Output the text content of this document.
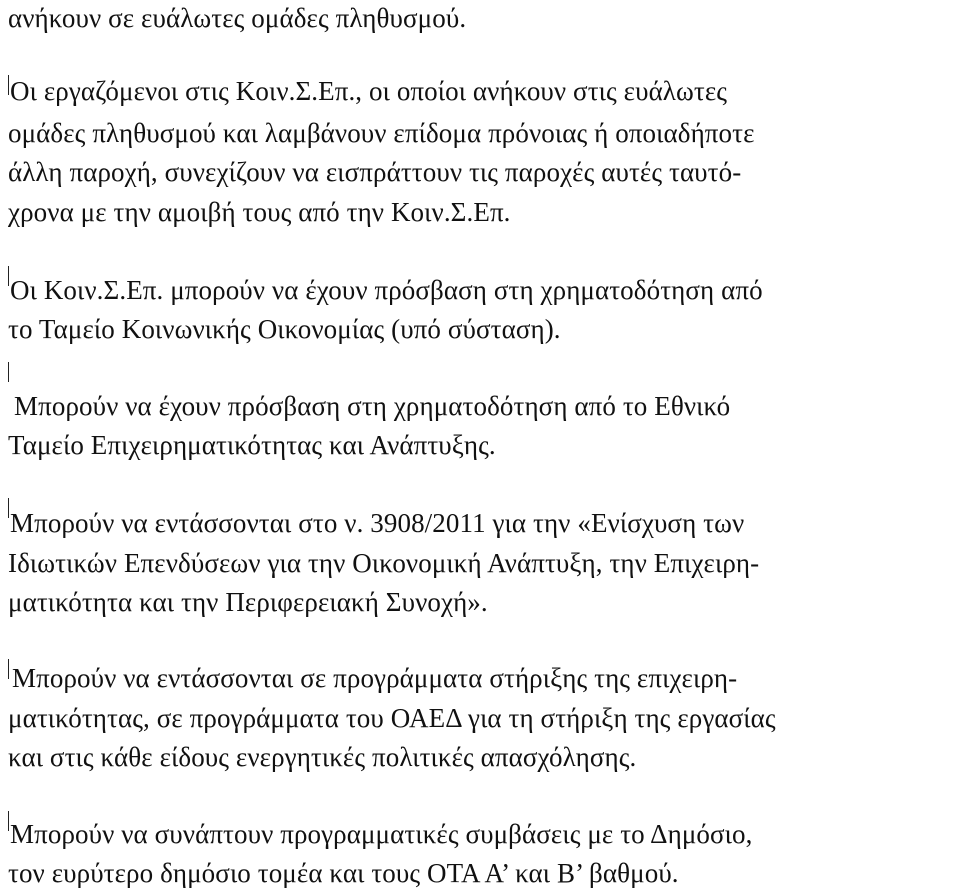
ανήκουν σε ευάλωτες ομάδες πληθυσμού.
Οι εργαζόμενοι στις Κοιν.Σ.Επ., οι οποίοι ανήκουν στις ευάλωτες
ομάδες πληθυσμού και λαμβάνουν επίδομα πρόνοιας ή οποιαδήποτε
άλλη παροχή, συνεχίζουν να εισπράττουν τις παροχές αυτές ταυτό-
χρονα με την αμοιβή τους από την Κοιν.Σ.Επ.
Οι Κοιν.Σ.Επ. μπορούν να έχουν πρόσβαση στη χρηματοδότηση από
το Ταμείο Κοινωνικής Οικονομίας (υπό σύσταση).
Μπορούν να έχουν πρόσβαση στη χρηματοδότηση από το Εθνικό
Ταμείο Επιχειρηματικότητας και Ανάπτυξης.
Μπορούν να εντάσσονται στο ν. 3908/2011 για την «Ενίσχυση των
Ιδιωτικών Επενδύσεων για την Οικονομική Ανάπτυξη, την Επιχειρη-
ματικότητα και την Περιφερειακή Συνοχή».
Μπορούν να εντάσσονται σε προγράμματα στήριξης της επιχειρη-
ματικότητας, σε προγράμματα του ΟΑΕΔ για τη στήριξη της εργασίας
και στις κάθε είδους ενεργητικές πολιτικές απασχόλησης.
Μπορούν να συνάπτουν προγραμματικές συμβάσεις με το Δημόσιο,
τον ευρύτερο δημόσιο τομέα και τους ΟΤΑ Α’ και Β’ βαθμού.
